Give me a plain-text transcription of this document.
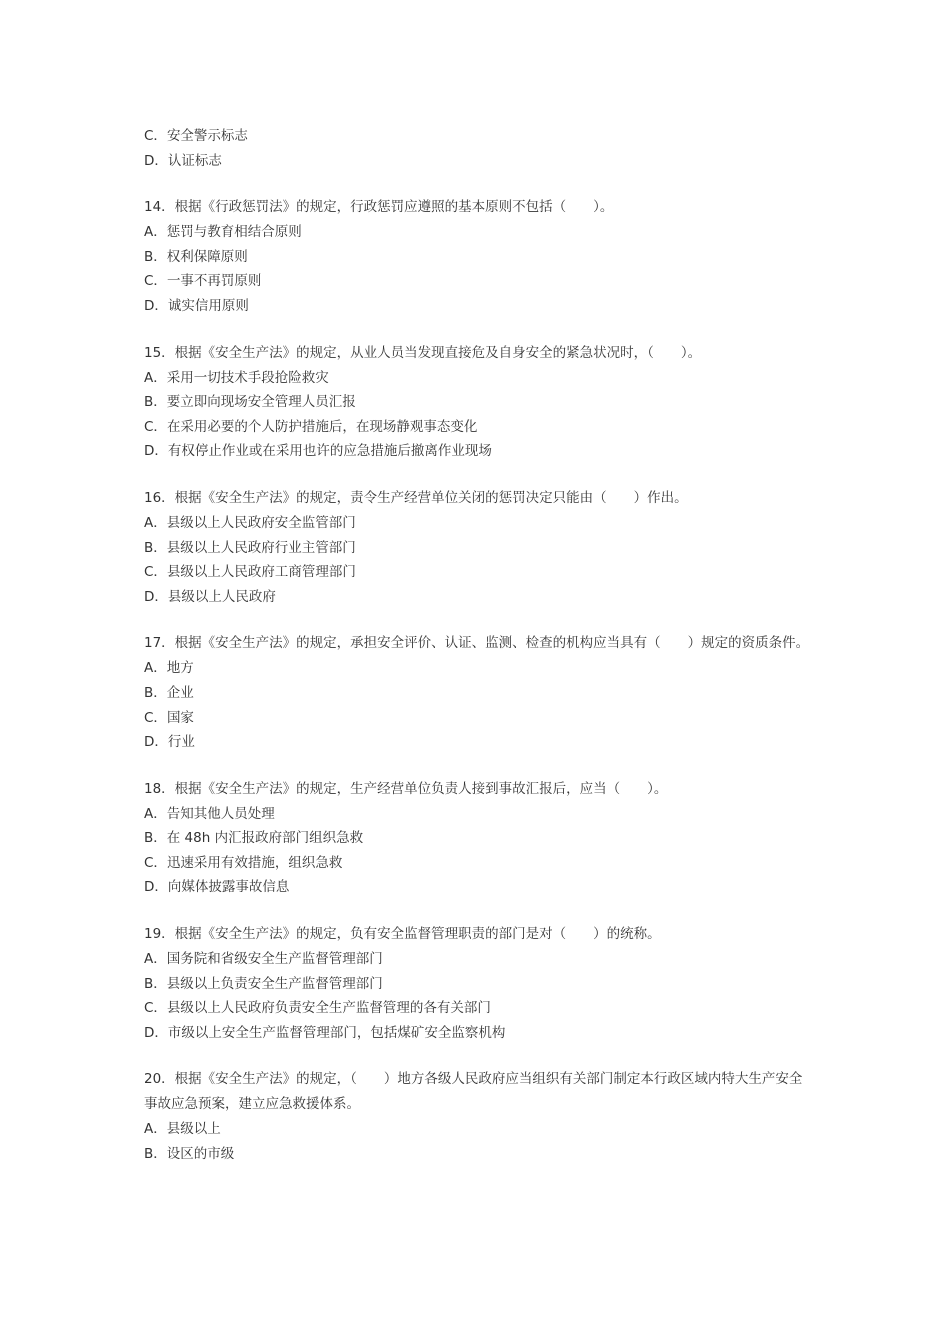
C．安全警示标志
D．认证标志
14．根据《行政惩罚法》的规定，行政惩罚应遵照的基本原则不包括（　　）。
A．惩罚与教育相结合原则
B．权利保障原则
C．一事不再罚原则
D．诚实信用原则
15．根据《安全生产法》的规定，从业人员当发现直接危及自身安全的紧急状况时，（　　）。
A．采用一切技术手段抢险救灾
B．要立即向现场安全管理人员汇报
C．在采用必要的个人防护措施后，在现场静观事态变化
D．有权停止作业或在采用也许的应急措施后撤离作业现场
16．根据《安全生产法》的规定，责令生产经营单位关闭的惩罚决定只能由（　　）作出。
A．县级以上人民政府安全监管部门
B．县级以上人民政府行业主管部门
C．县级以上人民政府工商管理部门
D．县级以上人民政府
17．根据《安全生产法》的规定，承担安全评价、认证、监测、检查的机构应当具有（　　）规定的资质条件。
A．地方
B．企业
C．国家
D．行业
18．根据《安全生产法》的规定，生产经营单位负责人接到事故汇报后，应当（　　）。
A．告知其他人员处理
B．在 48h 内汇报政府部门组织急救
C．迅速采用有效措施，组织急救
D．向媒体披露事故信息
19．根据《安全生产法》的规定，负有安全监督管理职责的部门是对（　　）的统称。
A．国务院和省级安全生产监督管理部门
B．县级以上负责安全生产监督管理部门
C．县级以上人民政府负责安全生产监督管理的各有关部门
D．市级以上安全生产监督管理部门，包括煤矿安全监察机构
20．根据《安全生产法》的规定，（　　）地方各级人民政府应当组织有关部门制定本行政区域内特大生产安全事故应急预案，建立应急救援体系。
A．县级以上
B．设区的市级
